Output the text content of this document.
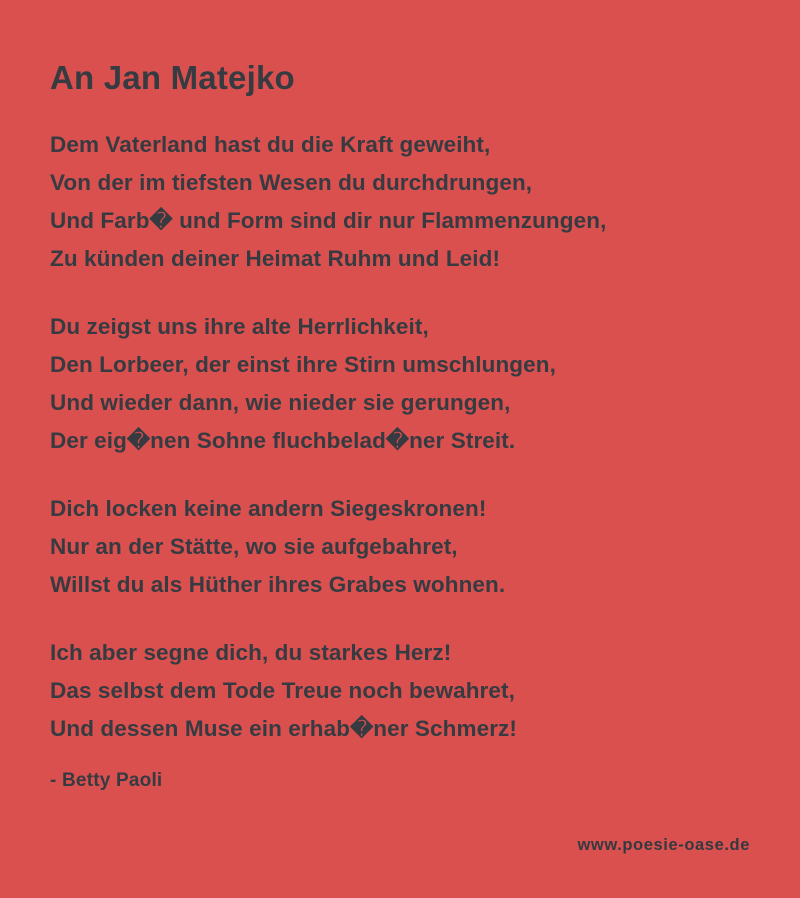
An Jan Matejko
Dem Vaterland hast du die Kraft geweiht,
Von der im tiefsten Wesen du durchdrungen,
Und Farb� und Form sind dir nur Flammenzungen,
Zu künden deiner Heimat Ruhm und Leid!
Du zeigst uns ihre alte Herrlichkeit,
Den Lorbeer, der einst ihre Stirn umschlungen,
Und wieder dann, wie nieder sie gerungen,
Der eig�nen Sohne fluchbelad�ner Streit.
Dich locken keine andern Siegeskronen!
Nur an der Stätte, wo sie aufgebahret,
Willst du als Hüther ihres Grabes wohnen.
Ich aber segne dich, du starkes Herz!
Das selbst dem Tode Treue noch bewahret,
Und dessen Muse ein erhab�ner Schmerz!
- Betty Paoli
www.poesie-oase.de
